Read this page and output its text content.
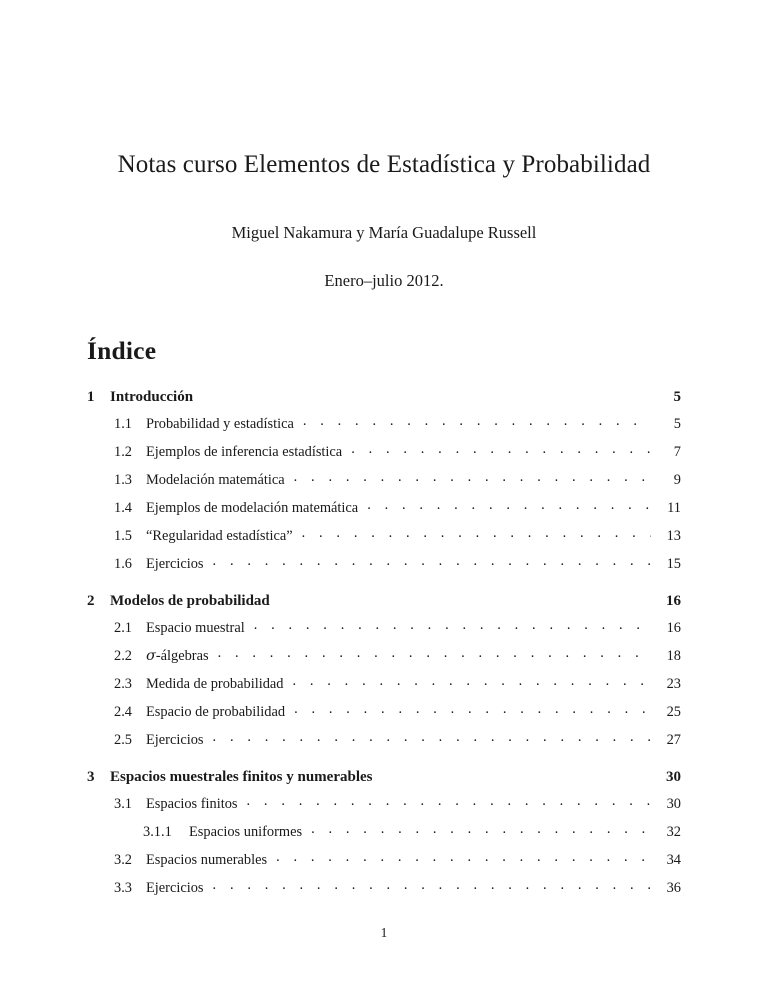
Notas curso Elementos de Estadística y Probabilidad

Miguel Nakamura y María Guadalupe Russell

Enero–julio 2012.

Índice
1	Introducción	5
1.1 Probabilidad y estadística . . .	5
1.2 Ejemplos de inferencia estadística . . .	7
1.3 Modelación matemática . . .	9
1.4 Ejemplos de modelación matemática . . .	11
1.5 “Regularidad estadística” . . .	13
1.6 Ejercicios . . .	15
2	Modelos de probabilidad	16
2.1 Espacio muestral . . .	16
2.2 σ-álgebras . . .	18
2.3 Medida de probabilidad . . .	23
2.4 Espacio de probabilidad . . .	25
2.5 Ejercicios . . .	27
3	Espacios muestrales finitos y numerables	30
3.1 Espacios finitos . . .	30
3.1.1	Espacios uniformes . . .	32
3.2 Espacios numerables . . .	34
3.3 Ejercicios . . .	36
1
